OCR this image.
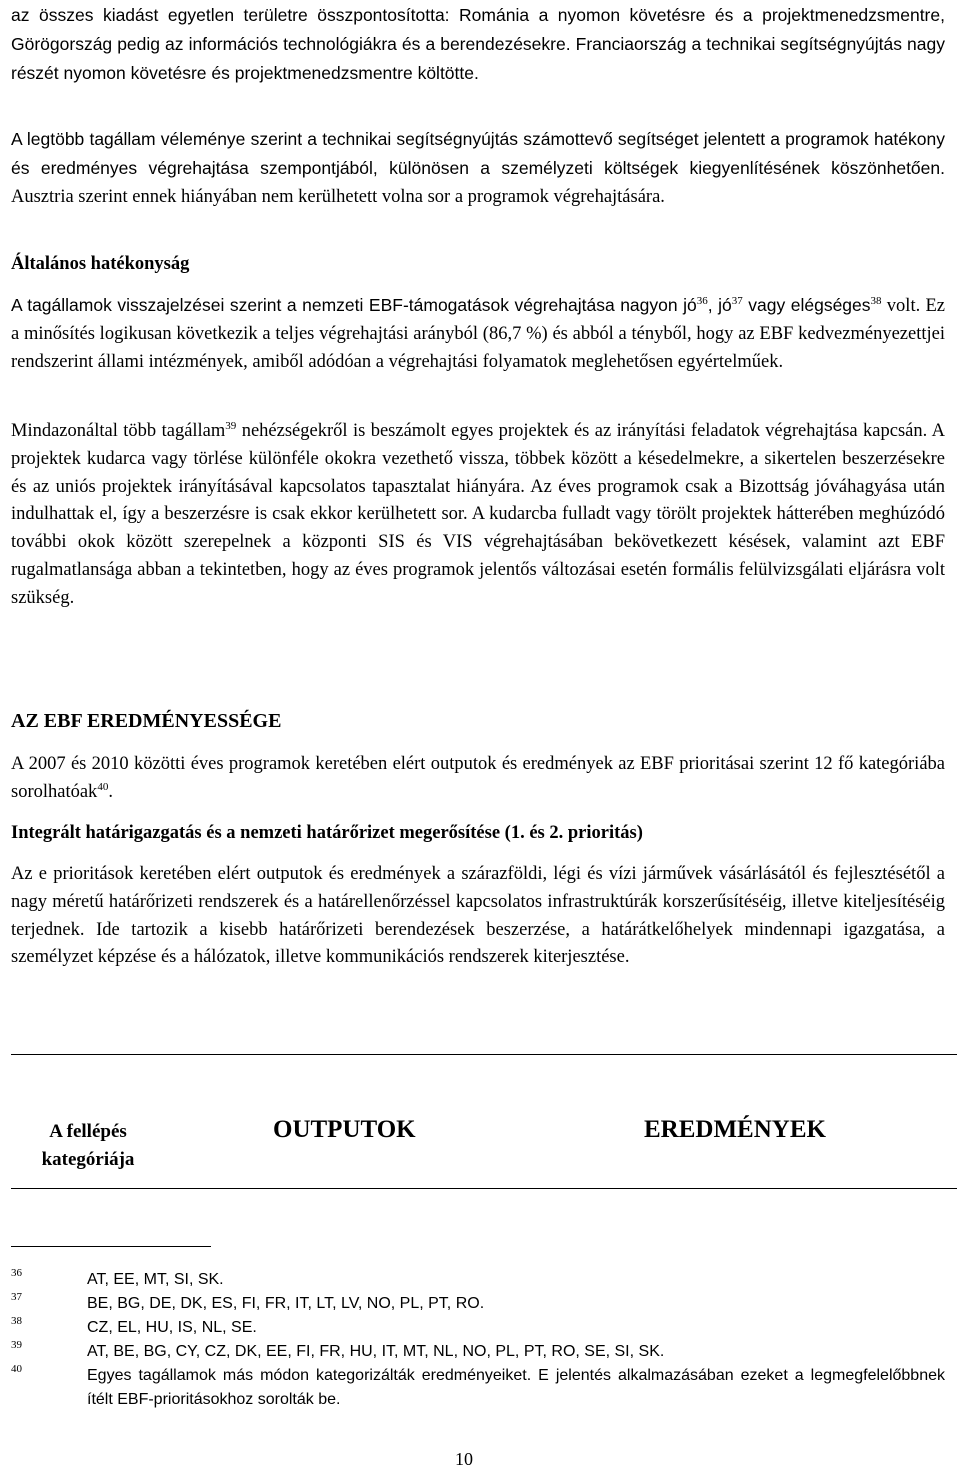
az összes kiadást egyetlen területre összpontosította: Románia a nyomon követésre és a projektmenedzsmentre, Görögország pedig az információs technológiákra és a berendezésekre. Franciaország a technikai segítségnyújtás nagy részét nyomon követésre és projektmenedzsmentre költötte.

A legtöbb tagállam véleménye szerint a technikai segítségnyújtás számottevő segítséget jelentett a programok hatékony és eredményes végrehajtása szempontjából, különösen a személyzeti költségek kiegyenlítésének köszönhetően. Ausztria szerint ennek hiányában nem kerülhetett volna sor a programok végrehajtására.

Általános hatékonyság

A tagállamok visszajelzései szerint a nemzeti EBF-támogatások végrehajtása nagyon $jó^{36}$, $jó^{37}$ vagy elégséges$^{38}$ volt. Ez a minősítés logikusan következik a teljes végrehajtási arányból (86,7 %) és abból a tényből, hogy az EBF kedvezményezettjei rendszerint állami intézmények, amiből adódóan a végrehajtási folyamatok meglehetősen egyértelműek.

Mindazonáltal több tagállam$^{39}$ nehézségekről is beszámolt egyes projektek és az irányítási feladatok végrehajtása kapcsán. A projektek kudarca vagy törlése különféle okokra vezethető vissza, többek között a késedelmekre, a sikertelen beszerzésekre és az uniós projektek irányításával kapcsolatos tapasztalat hiányára. Az éves programok csak a Bizottság jóváhagyása után indulhattak el, így a beszerzésre is csak ekkor kerülhetett sor. A kudarcba fulladt vagy törölt projektek hátterében meghúzódó további okok között szerepelnek a központi SIS és VIS végrehajtásában bekövetkezett késések, valamint azt EBF rugalmatlansága abban a tekintetben, hogy az éves programok jelentős változásai esetén formális felülvizsgálati eljárásra volt szükség.

AZ EBF EREDMÉNYESSÉGE

A 2007 és 2010 közötti éves programok keretében elért outputok és eredmények az EBF prioritásai szerint 12 fő kategóriába sorolhatóak$^{40}$.

Integrált határigazgatás és a nemzeti határőrizet megerősítése (1. és 2. prioritás)

Az e prioritások keretében elért outputok és eredmények a szárazföldi, légi és vízi járművek vásárlásától és fejlesztésétől a nagy méretű határőrizeti rendszerek és a határellenőrzéssel kapcsolatos infrastruktúrák korszerűsítéséig, illetve kiteljesítéséig terjednek. Ide tartozik a kisebb határőrizeti berendezések beszerzése, a határátkelőhelyek mindennapi igazgatása, a személyzet képzése és a hálózatok, illetve kommunikációs rendszerek kiterjesztése.

A fellépés
kategóriája
OUTPUTOK	EREDMÉNYEK
36	AT, EE, MT, SI, SK.
37	BE, BG, DE, DK, ES, FI, FR, IT, LT, LV, NO, PL, PT, RO.
38	CZ, EL, HU, IS, NL, SE.
39	AT, BE, BG, CY, CZ, DK, EE, FI, FR, HU, IT, MT, NL, NO, PL, PT, RO, SE, SI, SK.
40	Egyes tagállamok más módon kategorizálták eredményeiket. E jelentés alkalmazásában ezeket a legmegfelelőbbnek ítélt EBF-prioritásokhoz sorolták be.
10
